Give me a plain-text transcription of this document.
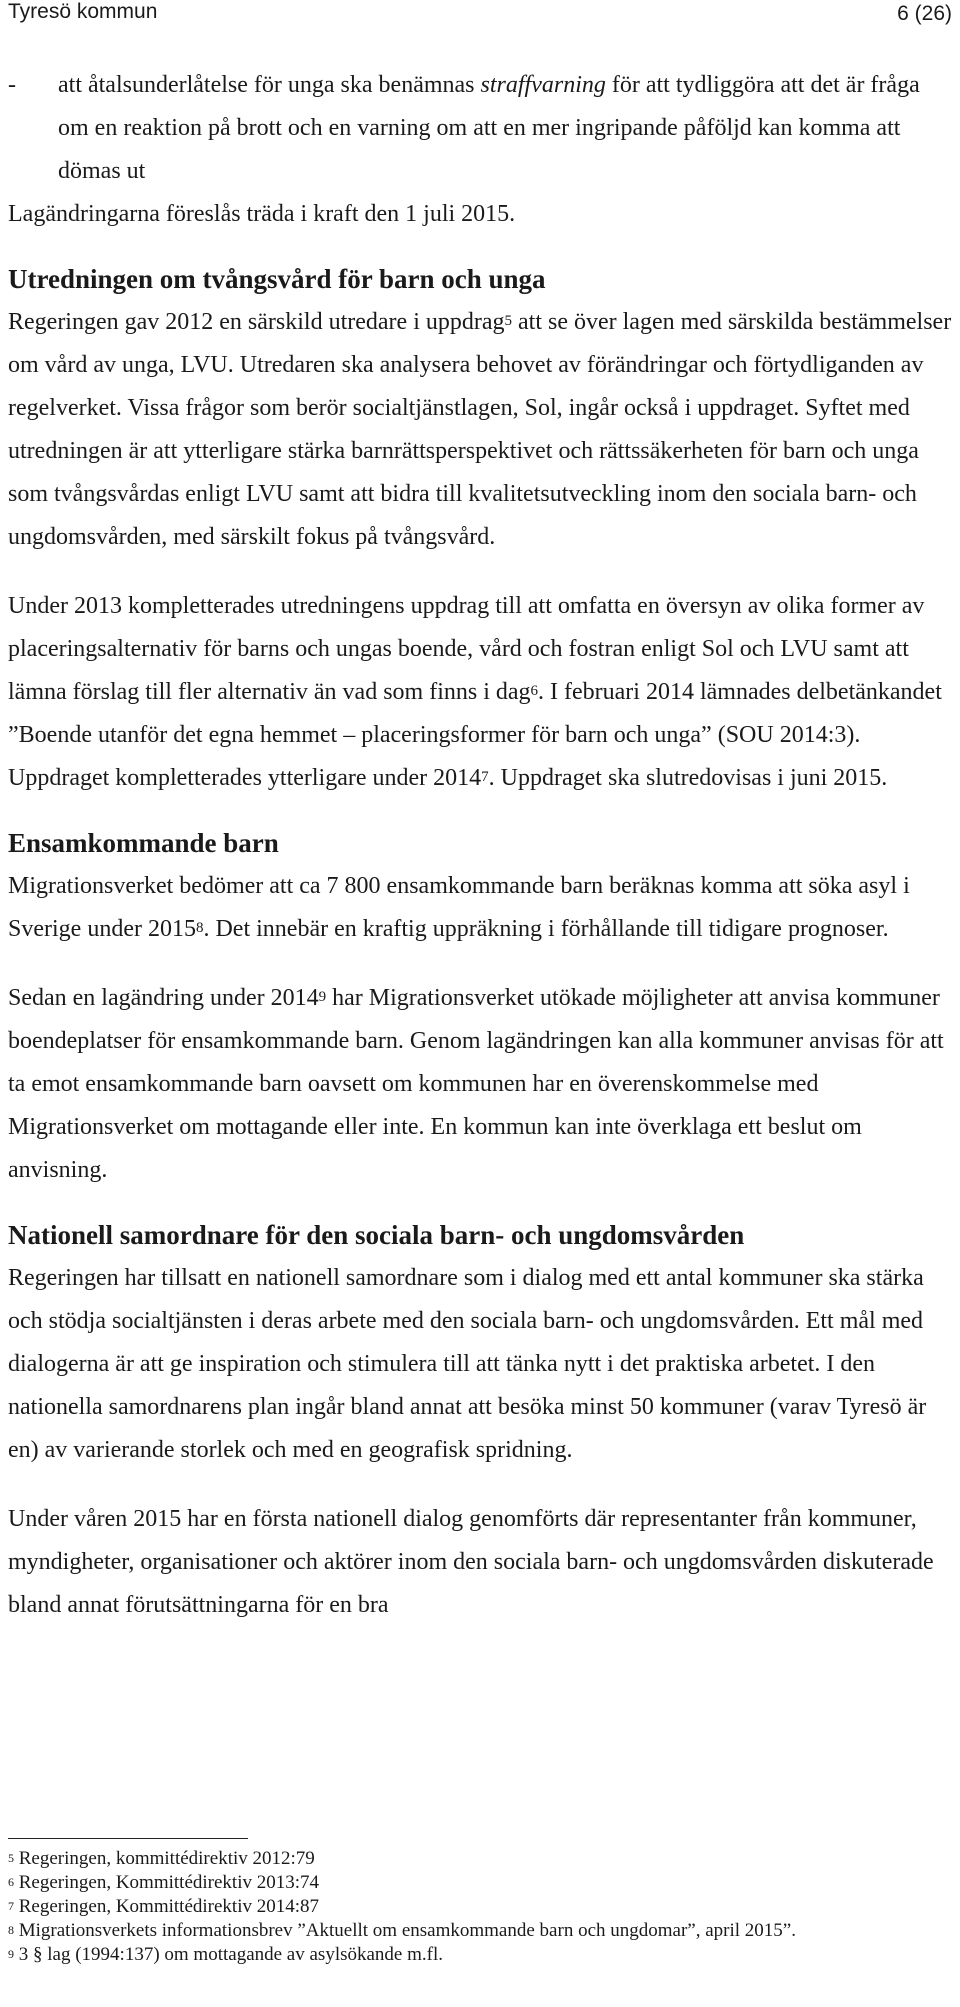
Tyresö kommun	6 (26)

- att åtalsunderlåtelse för unga ska benämnas straffvarning för att tydliggöra att det är fråga om en reaktion på brott och en varning om att en mer ingripande påföljd kan komma att dömas ut

Lagändringarna föreslås träda i kraft den 1 juli 2015.

Utredningen om tvångsvård för barn och unga

Regeringen gav 2012 en särskild utredare i uppdrag$^5$ att se över lagen med särskilda bestämmelser om vård av unga, LVU. Utredaren ska analysera behovet av förändringar och förtydliganden av regelverket. Vissa frågor som berör socialtjänstlagen, Sol, ingår också i uppdraget. Syftet med utredningen är att ytterligare stärka barnrättsperspektivet och rättssäkerheten för barn och unga som tvångsvårdas enligt LVU samt att bidra till kvalitetsutveckling inom den sociala barn- och ungdomsvården, med särskilt fokus på tvångsvård.

Under 2013 kompletterades utredningens uppdrag till att omfatta en översyn av olika former av placeringsalternativ för barns och ungas boende, vård och fostran enligt Sol och LVU samt att lämna förslag till fler alternativ än vad som finns i dag$^6$. I februari 2014 lämnades delbetänkandet ”Boende utanför det egna hemmet – placeringsformer för barn och unga” (SOU 2014:3). Uppdraget kompletterades ytterligare under 2014$^7$. Uppdraget ska slutredovisas i juni 2015.

Ensamkommande barn

Migrationsverket bedömer att ca 7 800 ensamkommande barn beräknas komma att söka asyl i Sverige under 2015$^8$. Det innebär en kraftig uppräkning i förhållande till tidigare prognoser.

Sedan en lagändring under 2014$^9$ har Migrationsverket utökade möjligheter att anvisa kommuner boendeplatser för ensamkommande barn. Genom lagändringen kan alla kommuner anvisas för att ta emot ensamkommande barn oavsett om kommunen har en överenskommelse med Migrationsverket om mottagande eller inte. En kommun kan inte överklaga ett beslut om anvisning.

Nationell samordnare för den sociala barn- och ungdomsvården

Regeringen har tillsatt en nationell samordnare som i dialog med ett antal kommuner ska stärka och stödja socialtjänsten i deras arbete med den sociala barn- och ungdomsvården. Ett mål med dialogerna är att ge inspiration och stimulera till att tänka nytt i det praktiska arbetet. I den nationella samordnarens plan ingår bland annat att besöka minst 50 kommuner (varav Tyresö är en) av varierande storlek och med en geografisk spridning.

Under våren 2015 har en första nationell dialog genomförts där representanter från kommuner, myndigheter, organisationer och aktörer inom den sociala barn- och ungdomsvården diskuterade bland annat förutsättningarna för en bra

$^5$ Regeringen, kommittédirektiv 2012:79

$^6$ Regeringen, Kommittédirektiv 2013:74

$^7$ Regeringen, Kommittédirektiv 2014:87

$^8$ Migrationsverkets informationsbrev ”Aktuellt om ensamkommande barn och ungdomar”, april 2015”.

$^9$ 3 § lag (1994:137) om mottagande av asylsökande m.fl.
